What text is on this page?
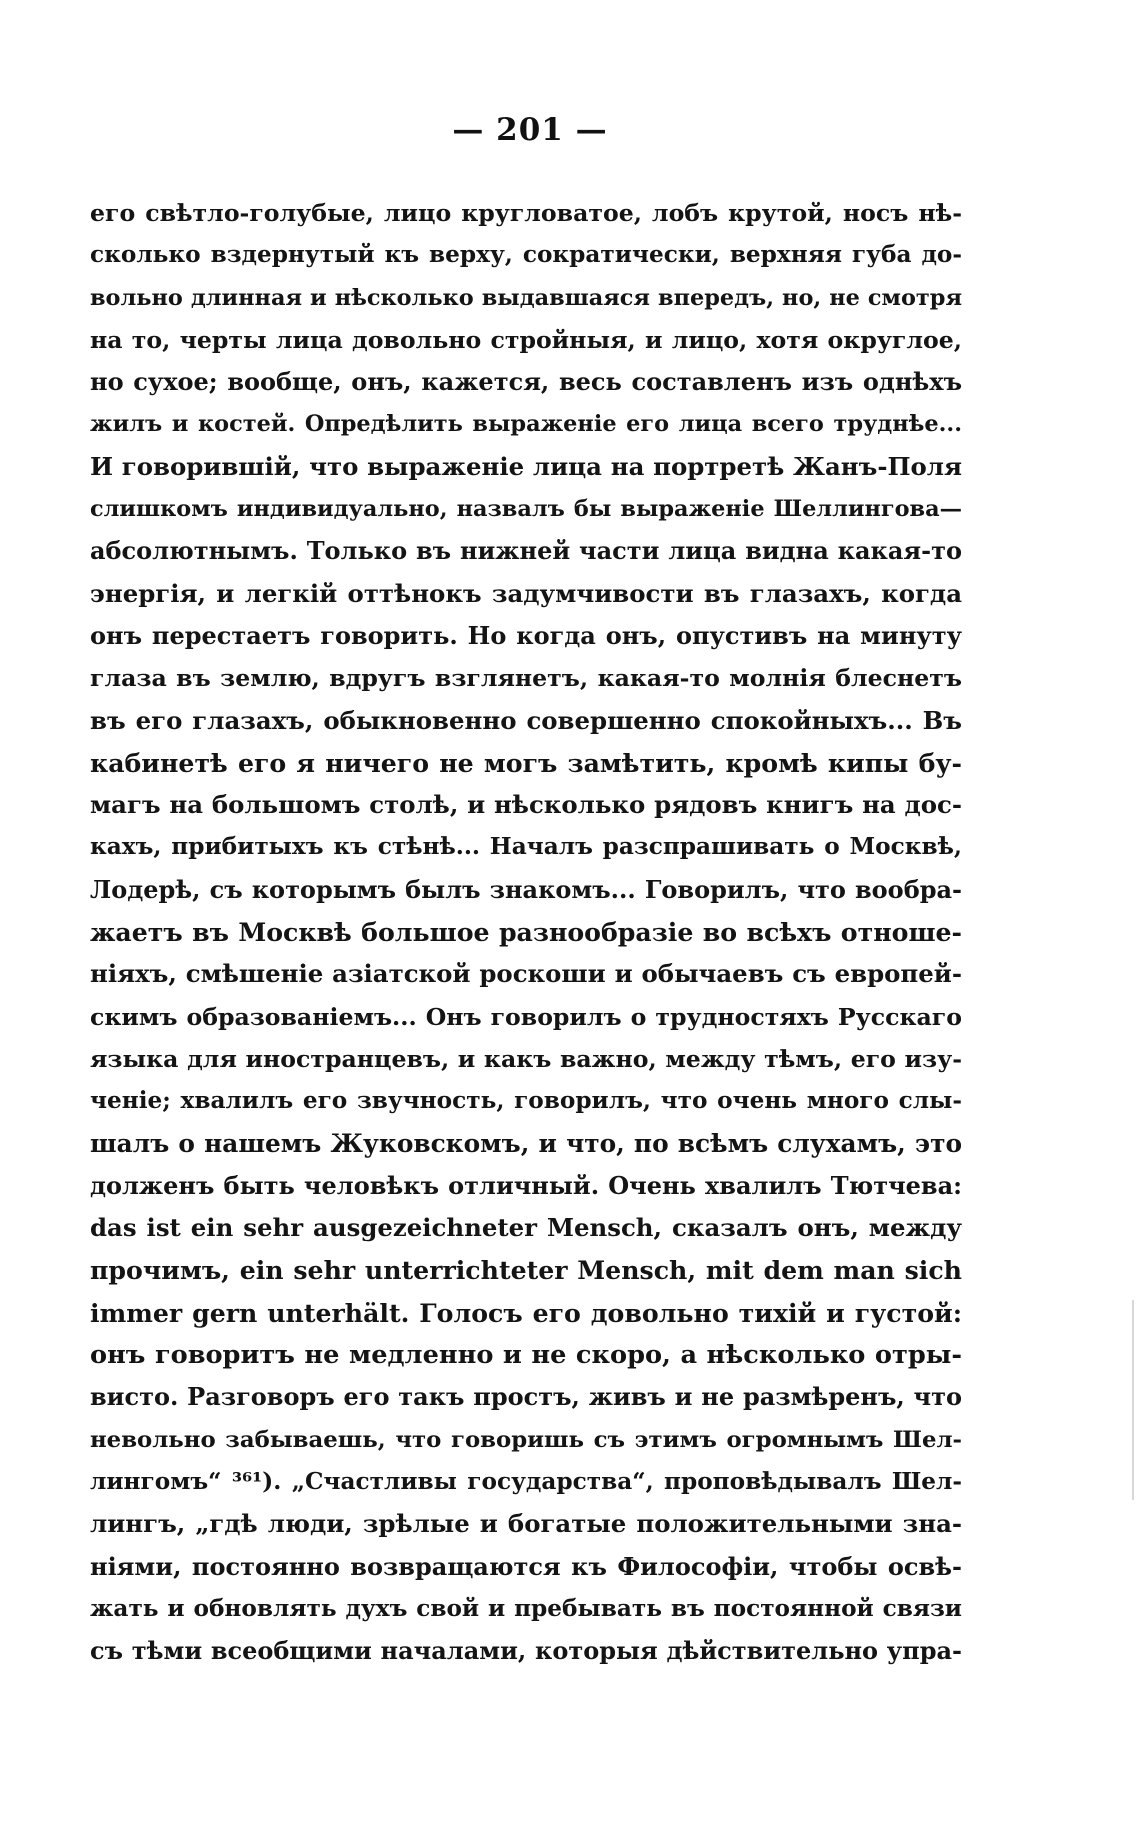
— 201 —
его свѣтло-голубые, лицо кругловатое, лобъ крутой, носъ нѣ-
сколько вздернутый къ верху, сократически, верхняя губа до-
вольно длинная и нѣсколько выдавшаяся впередъ, но, не смотря
на то, черты лица довольно стройныя, и лицо, хотя округлое,
но сухое; вообще, онъ, кажется, весь составленъ изъ однѣхъ
жилъ и костей. Опредѣлить выраженіе его лица всего труднѣе...
И говорившій, что выраженіе лица на портретѣ Жанъ-Поля
слишкомъ индивидуально, назвалъ бы выраженіе Шеллингова—
абсолютнымъ. Только въ нижней части лица видна какая-то
энергія, и легкій оттѣнокъ задумчивости въ глазахъ, когда
онъ перестаетъ говорить. Но когда онъ, опустивъ на минуту
глаза въ землю, вдругъ взглянетъ, какая-то молнія блеснетъ
въ его глазахъ, обыкновенно совершенно спокойныхъ... Въ
кабинетѣ его я ничего не могъ замѣтить, кромѣ кипы бу-
магъ на большомъ столѣ, и нѣсколько рядовъ книгъ на дос-
кахъ, прибитыхъ къ стѣнѣ... Началъ разспрашивать о Москвѣ,
Лодерѣ, съ которымъ былъ знакомъ... Говорилъ, что вообра-
жаетъ въ Москвѣ большое разнообразіе во всѣхъ отноше-
ніяхъ, смѣшеніе азіатской роскоши и обычаевъ съ европей-
скимъ образованіемъ... Онъ говорилъ о трудностяхъ Русскаго
языка для иностранцевъ, и какъ важно, между тѣмъ, его изу-
ченіе; хвалилъ его звучность, говорилъ, что очень много слы-
шалъ о нашемъ Жуковскомъ, и что, по всѣмъ слухамъ, это
долженъ быть человѣкъ отличный. Очень хвалилъ Тютчева:
das ist ein sehr ausgezeichneter Mensch, сказалъ онъ, между
прочимъ, ein sehr unterrichteter Mensch, mit dem man sich
immer gern unterhält. Голосъ его довольно тихій и густой:
онъ говоритъ не медленно и не скоро, а нѣсколько отры-
висто. Разговоръ его такъ простъ, живъ и не размѣренъ, что
невольно забываешь, что говоришь съ этимъ огромнымъ Шел-
лингомъ“ ³⁶¹). „Счастливы государства“, проповѣдывалъ Шел-
лингъ, „гдѣ люди, зрѣлые и богатые положительными зна-
ніями, постоянно возвращаются къ Философіи, чтобы освѣ-
жать и обновлять духъ свой и пребывать въ постоянной связи
съ тѣми всеобщими началами, которыя дѣйствительно упра-
